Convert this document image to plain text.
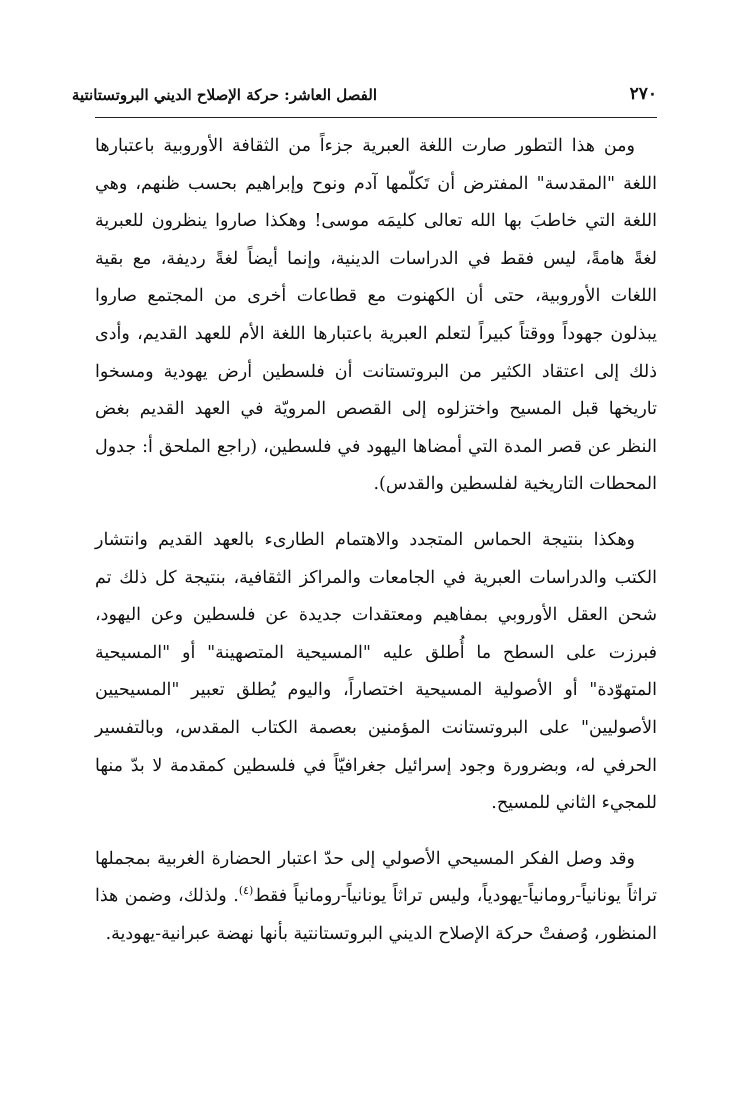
٢٧٠
الفصل العاشر: حركة الإصلاح الديني البروتستانتية

ومن هذا التطور صارت اللغة العبرية جزءاً من الثقافة الأوروبية باعتبارها اللغة "المقدسة" المفترض أن تَكلّمها آدم ونوح وإبراهيم بحسب ظنهم، وهي اللغة التي خاطبَ بها الله تعالى كليمَه موسى! وهكذا صاروا ينظرون للعبرية لغةً هامةً، ليس فقط في الدراسات الدينية، وإنما أيضاً لغةً رديفة، مع بقية اللغات الأوروبية، حتى أن الكهنوت مع قطاعات أخرى من المجتمع صاروا يبذلون جهوداً ووقتاً كبيراً لتعلم العبرية باعتبارها اللغة الأم للعهد القديم، وأدى ذلك إلى اعتقاد الكثير من البروتستانت أن فلسطين أرض يهودية ومسخوا تاريخها قبل المسيح واختزلوه إلى القصص المرويّة في العهد القديم بغض النظر عن قصر المدة التي أمضاها اليهود في فلسطين، (راجع الملحق أ: جدول المحطات التاريخية لفلسطين والقدس).

وهكذا بنتيجة الحماس المتجدد والاهتمام الطارىء بالعهد القديم وانتشار الكتب والدراسات العبرية في الجامعات والمراكز الثقافية، بنتيجة كل ذلك تم شحن العقل الأوروبي بمفاهيم ومعتقدات جديدة عن فلسطين وعن اليهود، فبرزت على السطح ما أُطلق عليه "المسيحية المتصهينة" أو "المسيحية المتهوّدة" أو الأصولية المسيحية اختصاراً، واليوم يُطلق تعبير "المسيحيين الأصوليين" على البروتستانت المؤمنين بعصمة الكتاب المقدس، وبالتفسير الحرفي له، وبضرورة وجود إسرائيل جغرافيّاً في فلسطين كمقدمة لا بدّ منها للمجيء الثاني للمسيح.

وقد وصل الفكر المسيحي الأصولي إلى حدّ اعتبار الحضارة الغربية بمجملها تراثاً يونانياً-رومانياً-يهودياً، وليس تراثاً يونانياً-رومانياً فقط$^{(٤)}$. ولذلك، وضمن هذا المنظور، وُصفتْ حركة الإصلاح الديني البروتستانتية بأنها نهضة عبرانية-يهودية.
